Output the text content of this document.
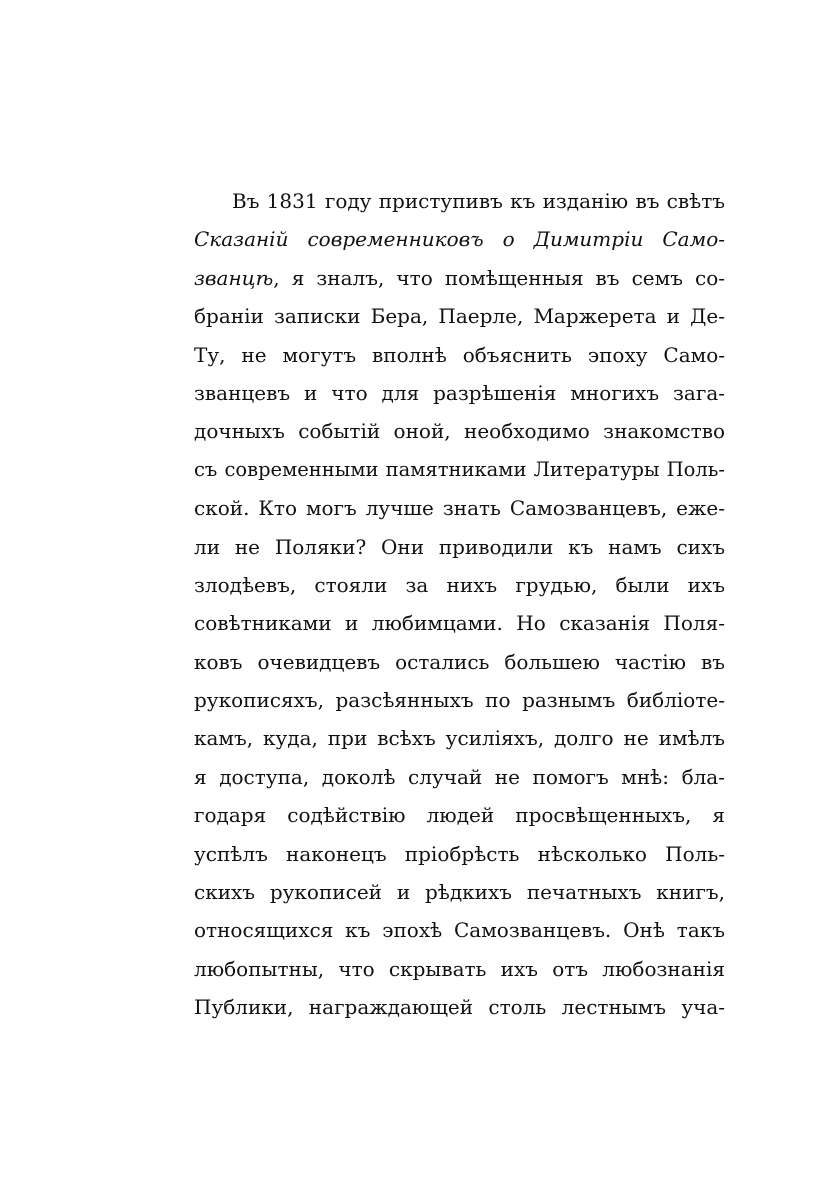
Въ 1831 году приступивъ къ изданію въ свѣтъ
Сказаній современниковъ о Димитріи Само-
званцѣ, я зналъ, что помѣщенныя въ семъ со-
браніи записки Бера, Паерле, Маржерета и Де-
Ту, не могутъ вполнѣ объяснить эпоху Само-
званцевъ и что для разрѣшенія многихъ зага-
дочныхъ событій оной, необходимо знакомство
съ современными памятниками Литературы Поль-
ской. Кто могъ лучше знать Самозванцевъ, еже-
ли не Поляки? Они приводили къ намъ сихъ
злодѣевъ, стояли за нихъ грудью, были ихъ
совѣтниками и любимцами. Но сказанія Поля-
ковъ очевидцевъ остались большею частію въ
рукописяхъ, разсѣянныхъ по разнымъ библіоте-
камъ, куда, при всѣхъ усиліяхъ, долго не имѣлъ
я доступа, доколѣ случай не помогъ мнѣ: бла-
годаря содѣйствію людей просвѣщенныхъ, я
успѣлъ наконецъ пріобрѣсть нѣсколько Поль-
скихъ рукописей и рѣдкихъ печатныхъ книгъ,
относящихся къ эпохѣ Самозванцевъ. Онѣ такъ
любопытны, что скрывать ихъ отъ любознанія
Публики, награждающей столь лестнымъ уча-
